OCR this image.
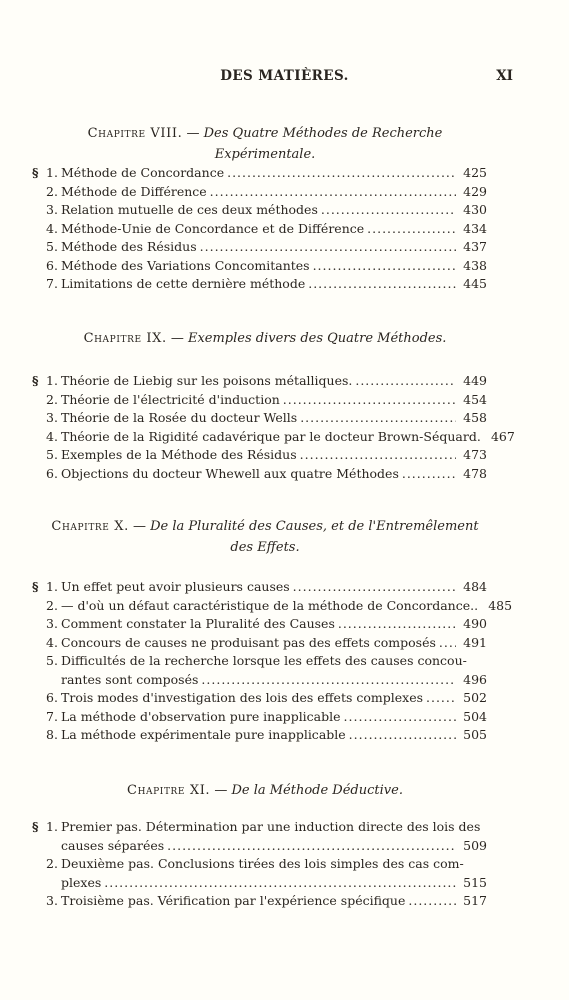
DES MATIÈRES.	XI
Chapitre VIII. — Des Quatre Méthodes de Recherche Expérimentale.
§ 1. Méthode de Concordance .....	425
2. Méthode de Différence .....	429
3. Relation mutuelle de ces deux méthodes .....	430
4. Méthode-Unie de Concordance et de Différence .....	434
5. Méthode des Résidus .....	437
6. Méthode des Variations Concomitantes .....	438
7. Limitations de cette dernière méthode .....	445
Chapitre IX. — Exemples divers des Quatre Méthodes.
§ 1. Théorie de Liebig sur les poisons métalliques. .....	449
2. Théorie de l'électricité d'induction .....	454
3. Théorie de la Rosée du docteur Wells .....	458
4. Théorie de la Rigidité cadavérique par le docteur Brown-Séquard. 467
5. Exemples de la Méthode des Résidus .....	473
6. Objections du docteur Whewell aux quatre Méthodes .....	478
Chapitre X. — De la Pluralité des Causes, et de l'Entremêlement
des Effets.
§ 1. Un effet peut avoir plusieurs causes .....	484
2. — d'où un défaut caractéristique de la méthode de Concordance.. 485
3. Comment constater la Pluralité des Causes .....	490
4. Concours de causes ne produisant pas des effets composés .....	491
5. Difficultés de la recherche lorsque les effets des causes concou-
rantes sont composés .....	496
6. Trois modes d'investigation des lois des effets complexes .....	502
7. La méthode d'observation pure inapplicable .....	504
8. La méthode expérimentale pure inapplicable .....	505
Chapitre XI. — De la Méthode Déductive.
§ 1. Premier pas. Détermination par une induction directe des lois des
causes séparées .....	509
2. Deuxième pas. Conclusions tirées des lois simples des cas com-
plexes .....	515
3. Troisième pas. Vérification par l'expérience spécifique .....	517
